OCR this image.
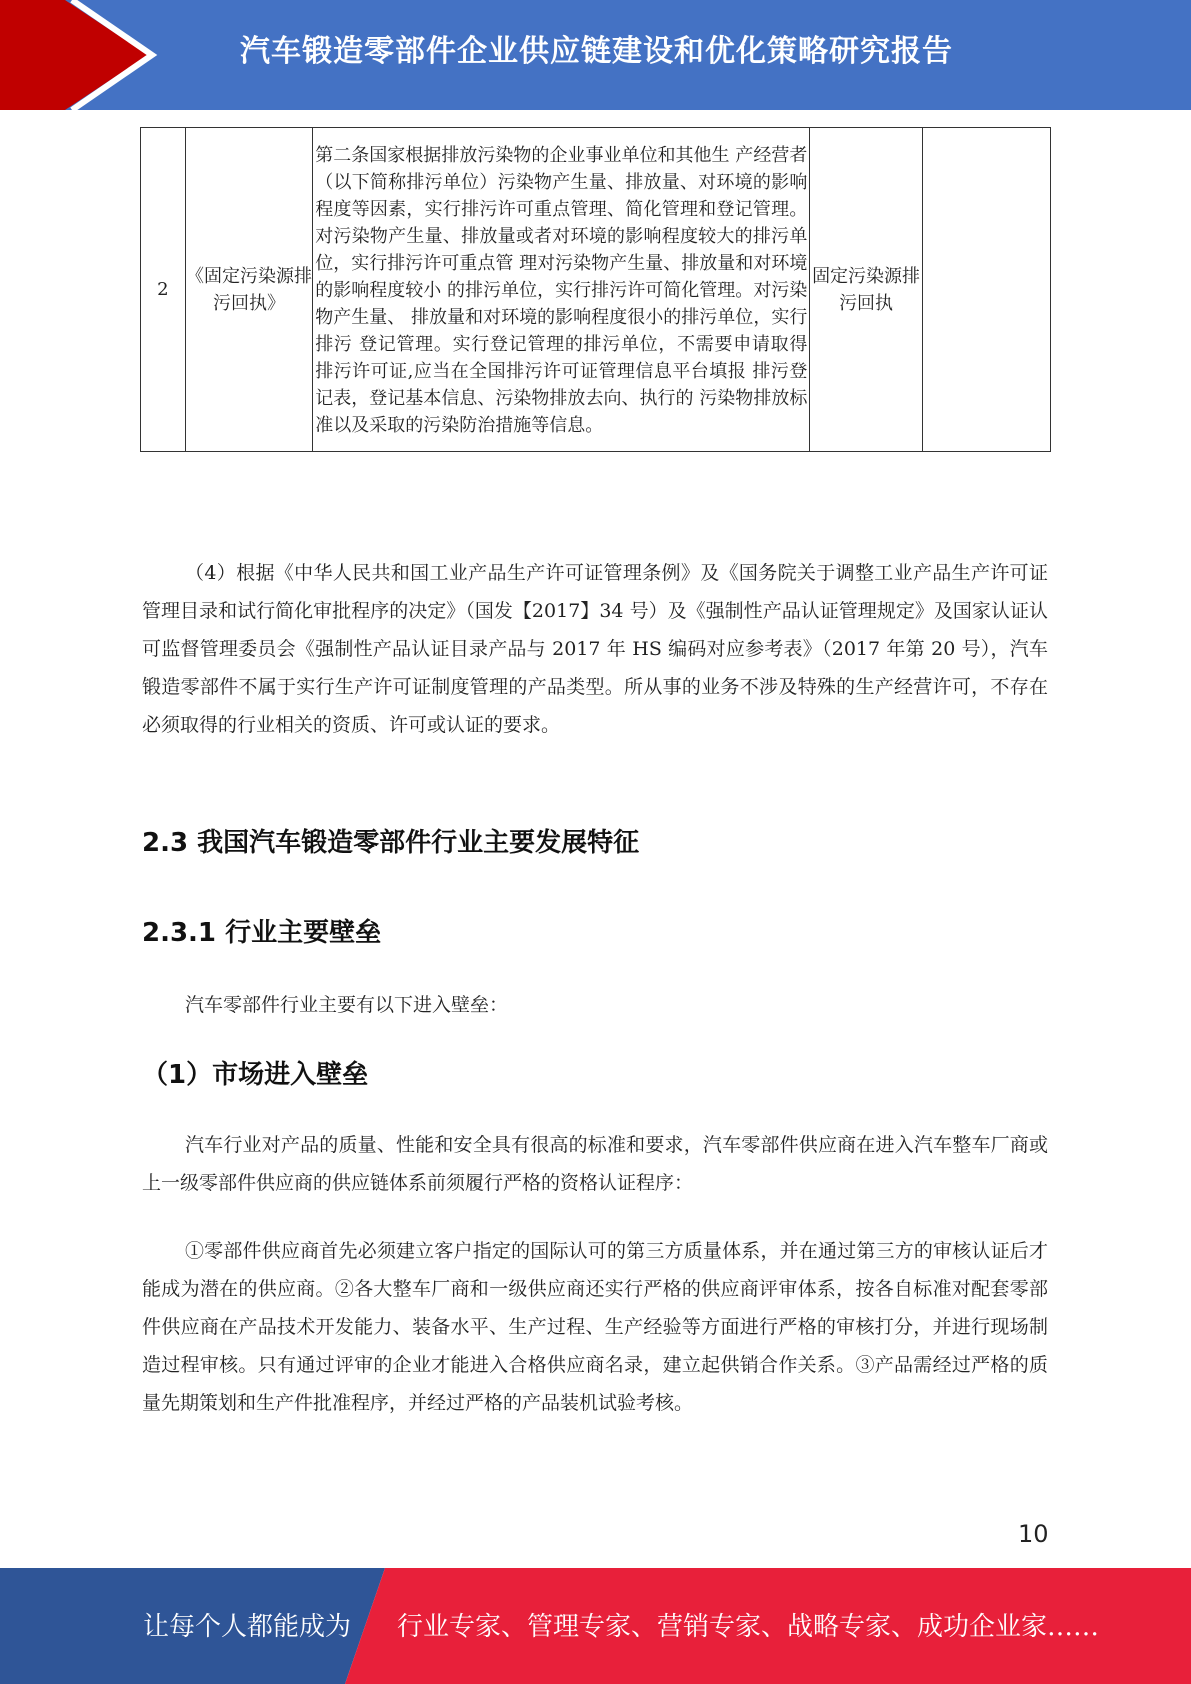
汽车锻造零部件企业供应链建设和优化策略研究报告
2	《固定污染源排污回执》	第二条国家根据排放污染物的企业事业单位和其他生 产经营者（以下简称排污单位）污染物产生量、排放量、对环境的影响程度等因素，实行排污许可重点管理、简化管理和登记管理。对污染物产生量、排放量或者对环境的影响程度较大的排污单位，实行排污许可重点管 理对污染物产生量、排放量和对环境的影响程度较小 的排污单位，实行排污许可简化管理。对污染物产生量、 排放量和对环境的影响程度很小的排污单位，实行排污 登记管理。实行登记管理的排污单位，不需要申请取得 排污许可证,应当在全国排污许可证管理信息平台填报 排污登记表，登记基本信息、污染物排放去向、执行的 污染物排放标准以及采取的污染防治措施等信息。	固定污染源排污回执	

（4）根据《中华人民共和国工业产品生产许可证管理条例》及《国务院关于调整工业产品生产许可证管理目录和试行简化审批程序的决定》（国发【2017】34 号）及《强制性产品认证管理规定》及国家认证认可监督管理委员会《强制性产品认证目录产品与 2017 年 HS 编码对应参考表》（2017 年第 20 号），汽车锻造零部件不属于实行生产许可证制度管理的产品类型。所从事的业务不涉及特殊的生产经营许可，不存在必须取得的行业相关的资质、许可或认证的要求。

2.3 我国汽车锻造零部件行业主要发展特征
2.3.1 行业主要壁垒

汽车零部件行业主要有以下进入壁垒：

（1）市场进入壁垒

汽车行业对产品的质量、性能和安全具有很高的标准和要求，汽车零部件供应商在进入汽车整车厂商或上一级零部件供应商的供应链体系前须履行严格的资格认证程序：

①零部件供应商首先必须建立客户指定的国际认可的第三方质量体系，并在通过第三方的审核认证后才能成为潜在的供应商。②各大整车厂商和一级供应商还实行严格的供应商评审体系，按各自标准对配套零部件供应商在产品技术开发能力、装备水平、生产过程、生产经验等方面进行严格的审核打分，并进行现场制造过程审核。只有通过评审的企业才能进入合格供应商名录，建立起供销合作关系。③产品需经过严格的质量先期策划和生产件批准程序，并经过严格的产品装机试验考核。

10
让每个人都能成为 行业专家、管理专家、营销专家、战略专家、成功企业家……
